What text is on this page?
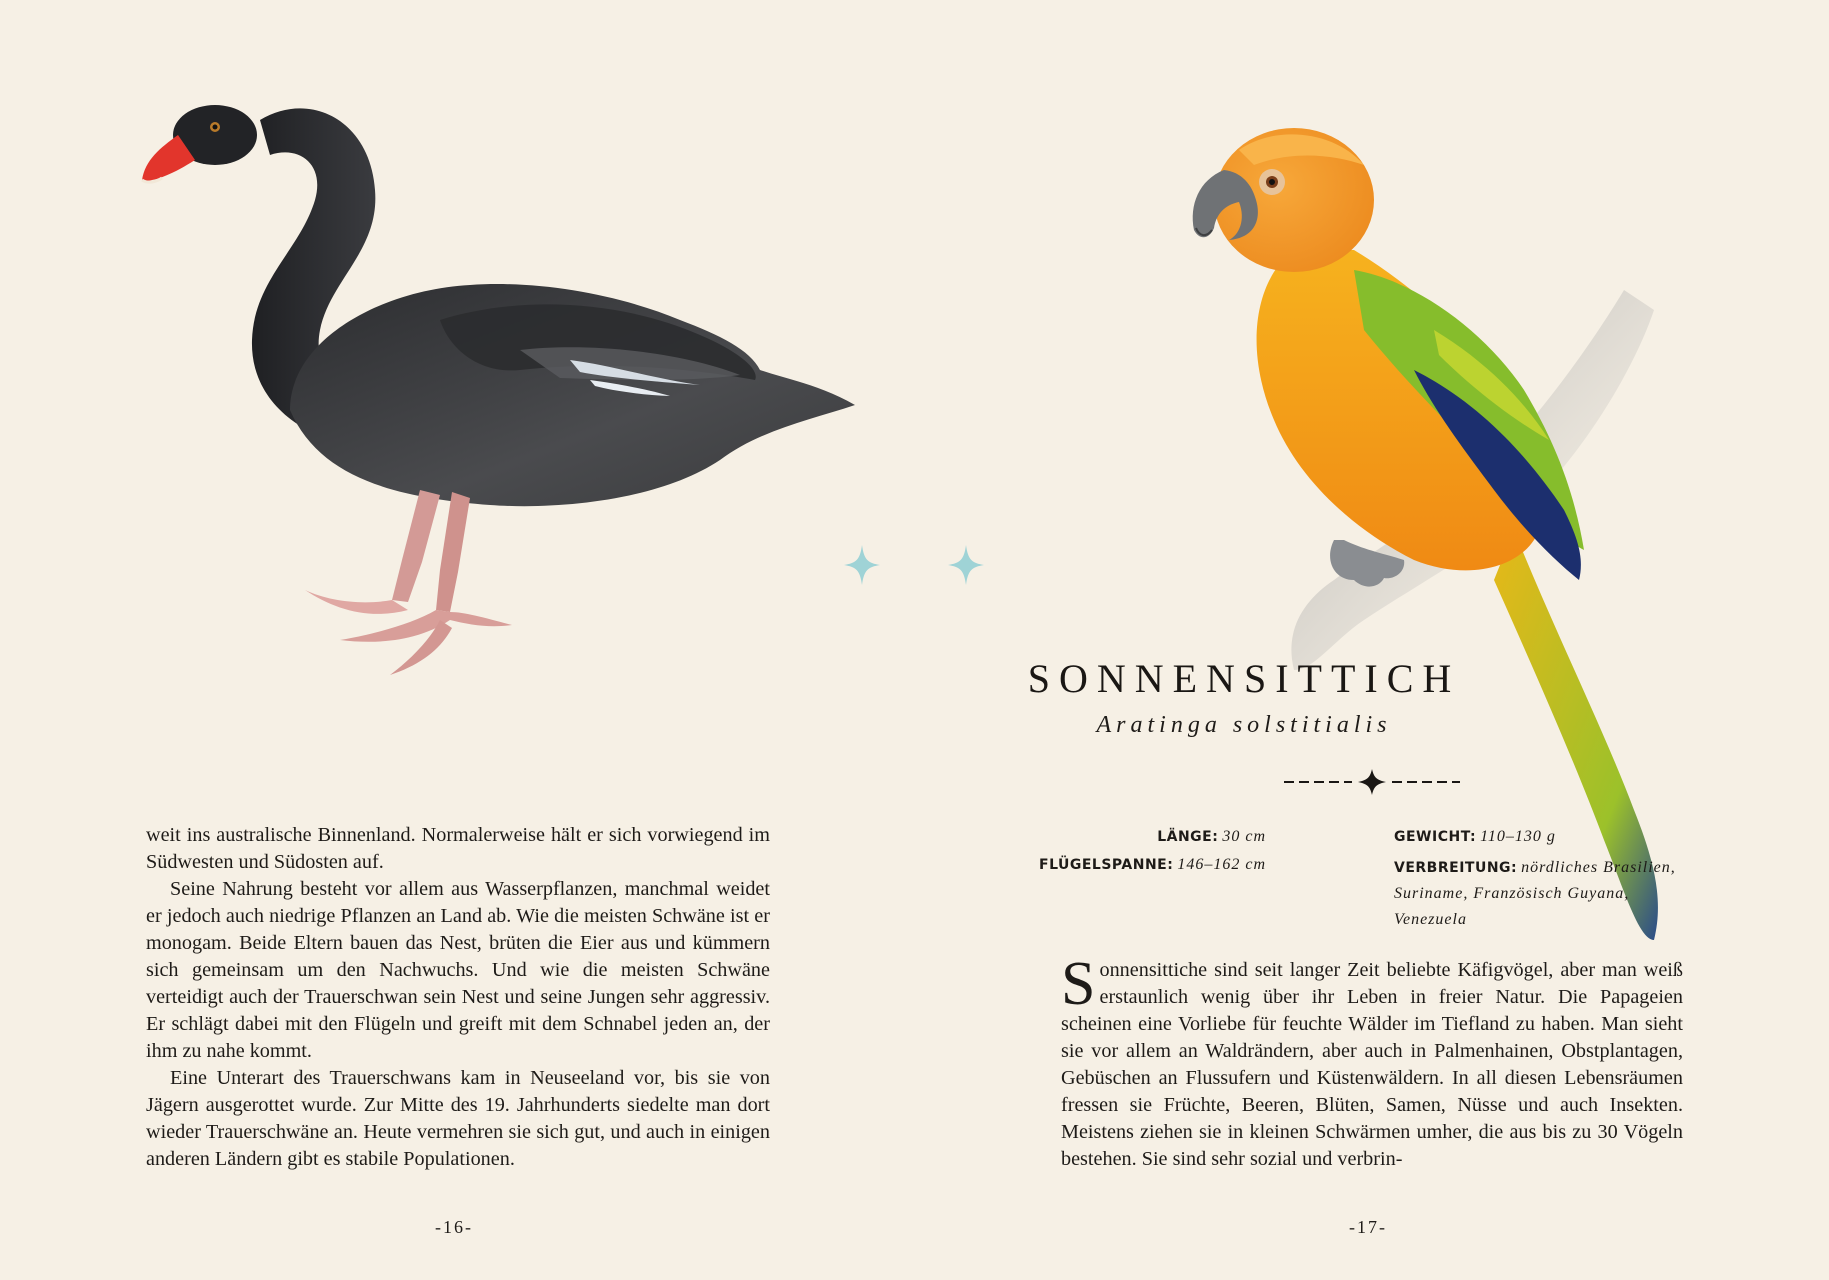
weit ins australische Binnenland. Normalerweise hält er sich vorwiegend im Südwesten und Südosten auf.

Seine Nahrung besteht vor allem aus Wasserpflanzen, manchmal weidet er jedoch auch niedrige Pflanzen an Land ab. Wie die meisten Schwäne ist er monogam. Beide Eltern bauen das Nest, brüten die Eier aus und kümmern sich gemeinsam um den Nachwuchs. Und wie die meisten Schwäne verteidigt auch der Trauerschwan sein Nest und seine Jungen sehr aggressiv. Er schlägt dabei mit den Flügeln und greift mit dem Schnabel jeden an, der ihm zu nahe kommt.

Eine Unterart des Trauerschwans kam in Neuseeland vor, bis sie von Jägern ausgerottet wurde. Zur Mitte des 19. Jahrhunderts siedelte man dort wieder Trauerschwäne an. Heute vermehren sie sich gut, und auch in einigen anderen Ländern gibt es stabile Populationen.

-16-
SONNENSITTICH
Aratinga solstitialis
LÄNGE: 30 cm
FLÜGELSPANNE: 146–162 cm
GEWICHT: 110–130 g
VERBREITUNG: nördliches Brasilien, Suriname, Französisch Guyana, Venezuela

Sonnensittiche sind seit langer Zeit beliebte Käfigvögel, aber man weiß erstaunlich wenig über ihr Leben in freier Natur. Die Papageien scheinen eine Vorliebe für feuchte Wälder im Tiefland zu haben. Man sieht sie vor allem an Waldrändern, aber auch in Palmenhainen, Obstplantagen, Gebüschen an Flussufern und Küstenwäldern. In all diesen Lebensräumen fressen sie Früchte, Beeren, Blüten, Samen, Nüsse und auch Insekten. Meistens ziehen sie in kleinen Schwärmen umher, die aus bis zu 30 Vögeln bestehen. Sie sind sehr sozial und verbrin-

-17-
